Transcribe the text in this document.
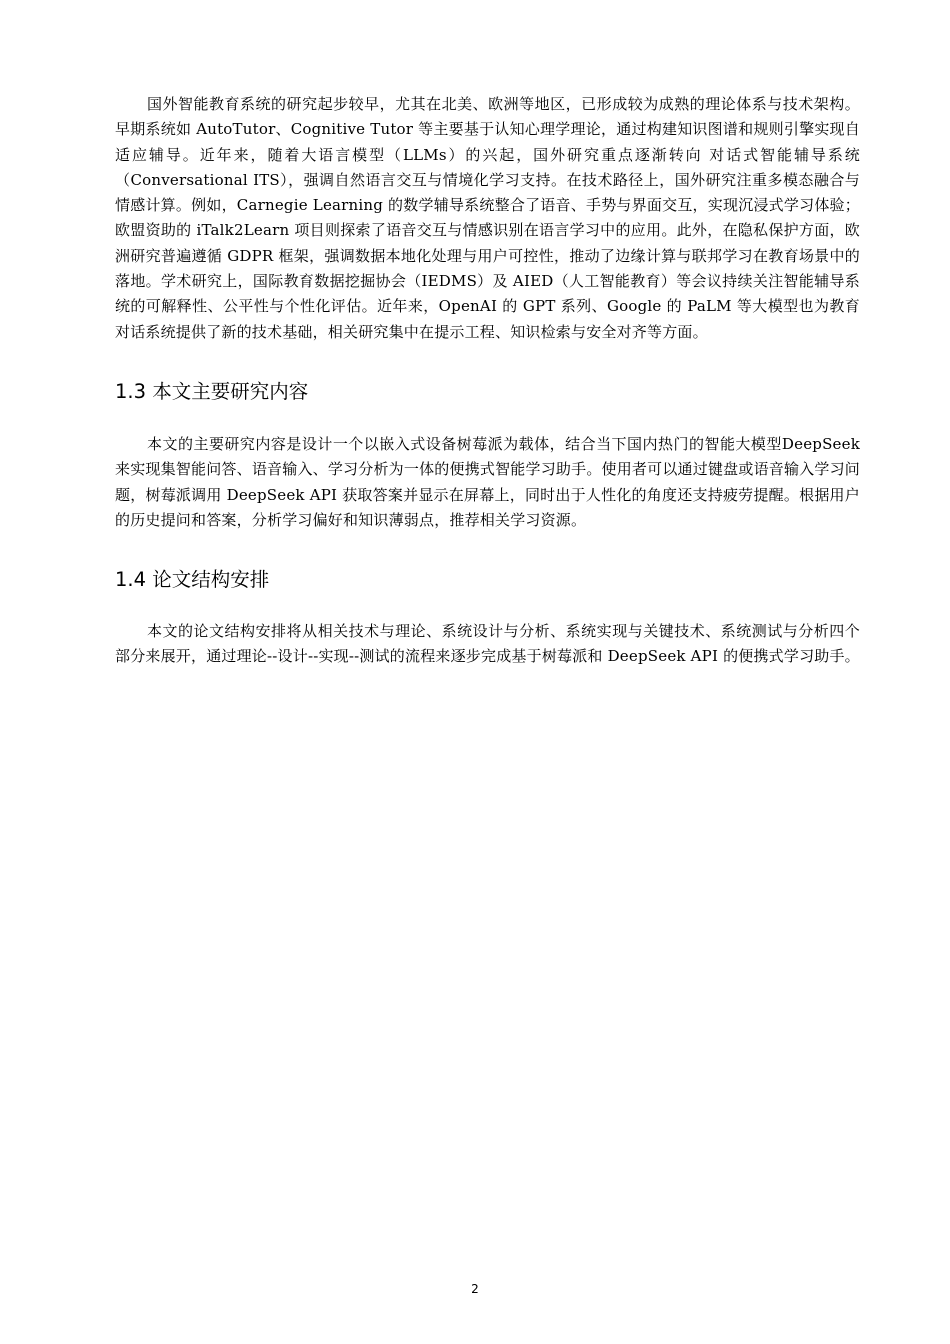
国外智能教育系统的研究起步较早，尤其在北美、欧洲等地区，已形成较为成熟的理论体系与技术架构。早期系统如 AutoTutor、Cognitive Tutor 等主要基于认知心理学理论，通过构建知识图谱和规则引擎实现自适应辅导。近年来，随着大语言模型（LLMs）的兴起，国外研究重点逐渐转向 对话式智能辅导系统（Conversational ITS），强调自然语言交互与情境化学习支持。在技术路径上，国外研究注重多模态融合与情感计算。例如，Carnegie Learning 的数学辅导系统整合了语音、手势与界面交互，实现沉浸式学习体验；欧盟资助的 iTalk2Learn 项目则探索了语音交互与情感识别在语言学习中的应用。此外，在隐私保护方面，欧洲研究普遍遵循 GDPR 框架，强调数据本地化处理与用户可控性，推动了边缘计算与联邦学习在教育场景中的落地。学术研究上，国际教育数据挖掘协会（IEDMS）及 AIED（人工智能教育）等会议持续关注智能辅导系统的可解释性、公平性与个性化评估。近年来，OpenAI 的 GPT 系列、Google 的 PaLM 等大模型也为教育对话系统提供了新的技术基础，相关研究集中在提示工程、知识检索与安全对齐等方面。

1.3 本文主要研究内容

本文的主要研究内容是设计一个以嵌入式设备树莓派为载体，结合当下国内热门的智能大模型DeepSeek 来实现集智能问答、语音输入、学习分析为一体的便携式智能学习助手。使用者可以通过键盘或语音输入学习问题，树莓派调用 DeepSeek API 获取答案并显示在屏幕上，同时出于人性化的角度还支持疲劳提醒。根据用户的历史提问和答案，分析学习偏好和知识薄弱点，推荐相关学习资源。

1.4 论文结构安排

本文的论文结构安排将从相关技术与理论、系统设计与分析、系统实现与关键技术、系统测试与分析四个部分来展开，通过理论--设计--实现--测试的流程来逐步完成基于树莓派和 DeepSeek API 的便携式学习助手。

2
